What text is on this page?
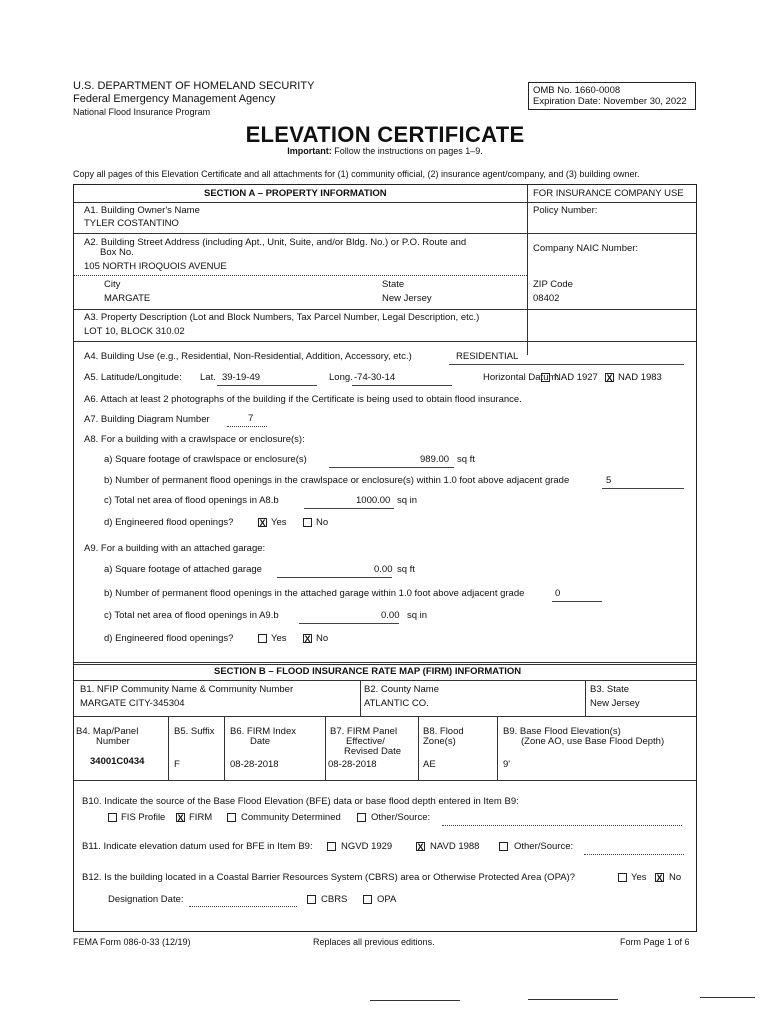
U.S. DEPARTMENT OF HOMELAND SECURITY
Federal Emergency Management Agency
National Flood Insurance Program
OMB No. 1660-0008
Expiration Date: November 30, 2022
ELEVATION CERTIFICATE
Important: Follow the instructions on pages 1–9.
Copy all pages of this Elevation Certificate and all attachments for (1) community official, (2) insurance agent/company, and (3) building owner.
SECTION A – PROPERTY INFORMATION	FOR INSURANCE COMPANY USE
A1. Building Owner's Name
TYLER COSTANTINO
Policy Number:
A2. Building Street Address (including Apt., Unit, Suite, and/or Bldg. No.) or P.O. Route and
Box No.
105 NORTH IROQUOIS AVENUE
Company NAIC Number:
City
MARGATE
State
New Jersey
ZIP Code
08402
A3. Property Description (Lot and Block Numbers, Tax Parcel Number, Legal Description, etc.)
LOT 10, BLOCK 310.02
A4. Building Use (e.g., Residential, Non-Residential, Addition, Accessory, etc.)	RESIDENTIAL
A5. Latitude/Longitude: Lat. 39-19-49	Long. -74-30-14	Horizontal Datum:
NAD 1927 X NAD 1983
A6. Attach at least 2 photographs of the building if the Certificate is being used to obtain flood insurance.
A7. Building Diagram Number	7
A8. For a building with a crawlspace or enclosure(s):
a) Square footage of crawlspace or enclosure(s)	989.00 sq ft
b) Number of permanent flood openings in the crawlspace or enclosure(s) within 1.0 foot above adjacent grade	5
c) Total net area of flood openings in A8.b	1000.00 sq in
d) Engineered flood openings?	X Yes	No
A9. For a building with an attached garage:
a) Square footage of attached garage	0.00 sq ft
b) Number of permanent flood openings in the attached garage within 1.0 foot above adjacent grade	0
c) Total net area of flood openings in A9.b	0.00 sq in
d) Engineered flood openings?	Yes X No
SECTION B – FLOOD INSURANCE RATE MAP (FIRM) INFORMATION
B1. NFIP Community Name & Community Number
MARGATE CITY-345304
B2. County Name
ATLANTIC CO.
B3. State
New Jersey
B4. Map/Panel
Number
34001C0434
B5. Suffix
F
B6. FIRM Index
Date
08-28-2018
B7. FIRM Panel
Effective/
Revised Date
08-28-2018
B8. Flood
Zone(s)
AE
B9. Base Flood Elevation(s)
(Zone AO, use Base Flood Depth)
9'
B10. Indicate the source of the Base Flood Elevation (BFE) data or base flood depth entered in Item B9:
FIS Profile X FIRM	Community Determined	Other/Source:
B11. Indicate elevation datum used for BFE in Item B9:	NGVD 1929	X NAVD 1988	Other/Source:
B12. Is the building located in a Coastal Barrier Resources System (CBRS) area or Otherwise Protected Area (OPA)?	Yes X No
Designation Date:	CBRS	OPA
FEMA Form 086-0-33 (12/19)	Replaces all previous editions.	Form Page 1 of 6
